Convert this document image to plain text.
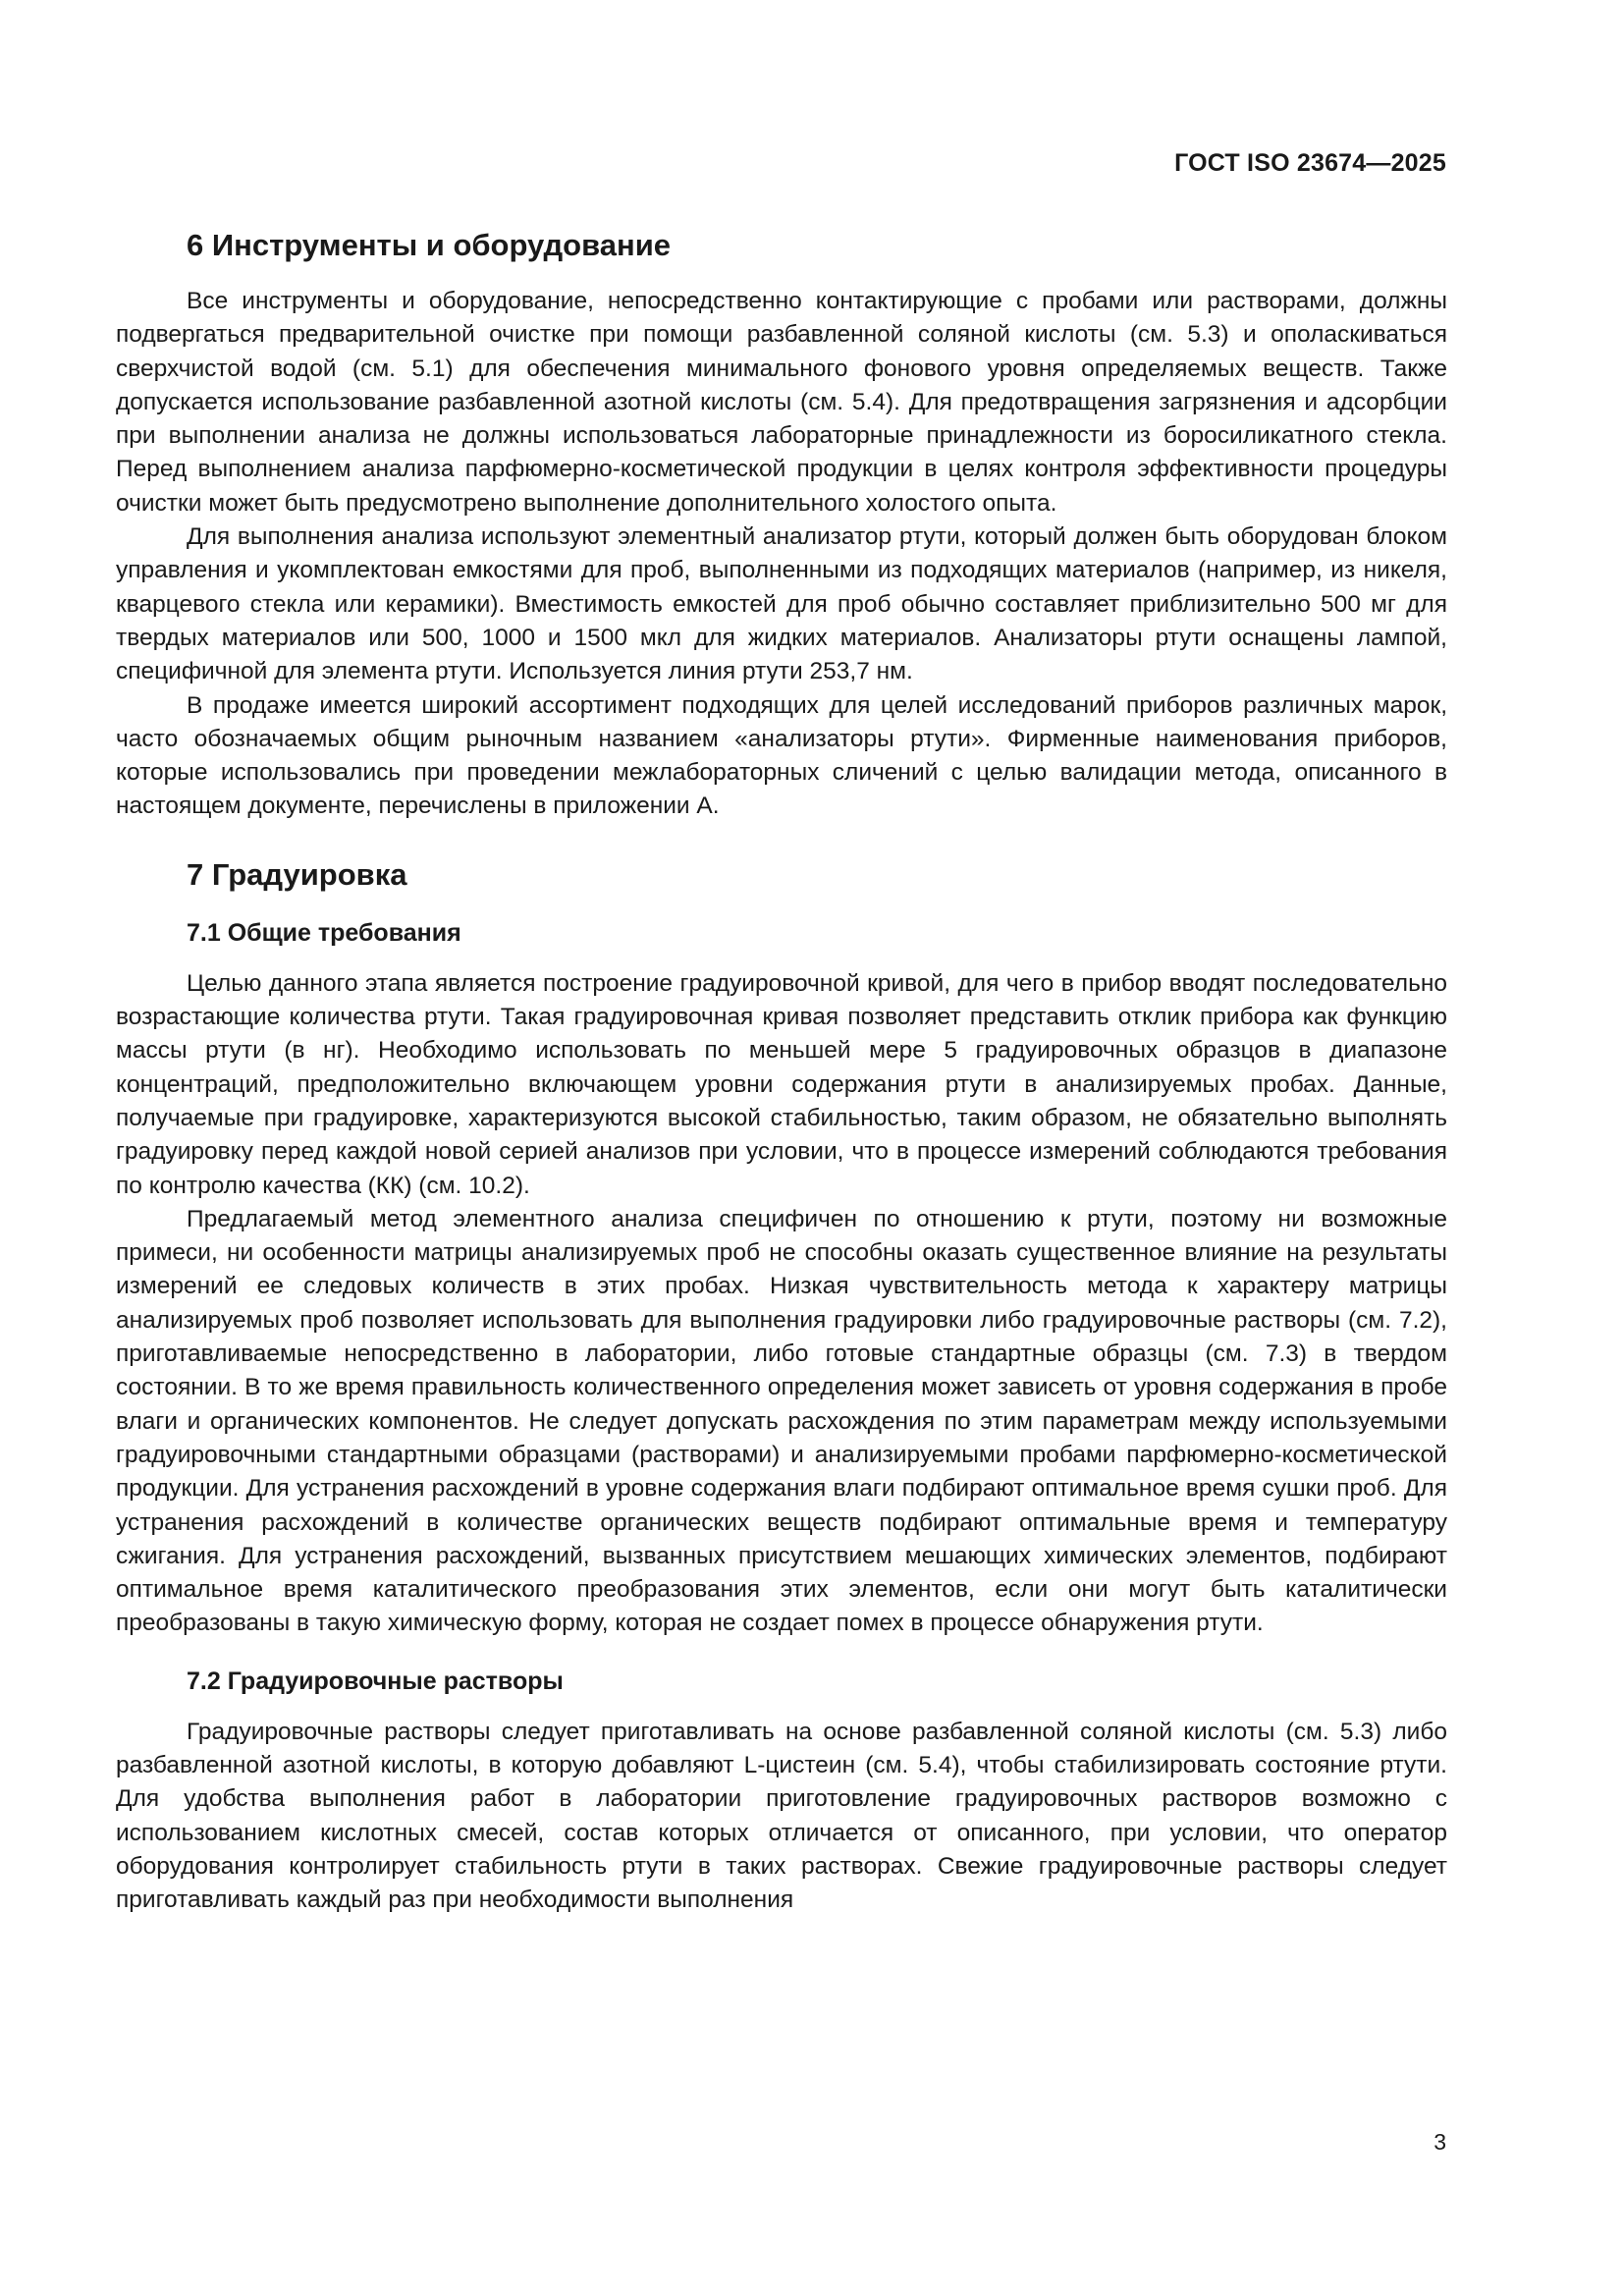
ГОСТ ISO 23674—2025
6 Инструменты и оборудование

Все инструменты и оборудование, непосредственно контактирующие с пробами или растворами, должны подвергаться предварительной очистке при помощи разбавленной соляной кислоты (см. 5.3) и ополаскиваться сверхчистой водой (см. 5.1) для обеспечения минимального фонового уровня определяемых веществ. Также допускается использование разбавленной азотной кислоты (см. 5.4). Для предотвращения загрязнения и адсорбции при выполнении анализа не должны использоваться лабораторные принадлежности из боросиликатного стекла. Перед выполнением анализа парфюмерно-косметической продукции в целях контроля эффективности процедуры очистки может быть предусмотрено выполнение дополнительного холостого опыта.

Для выполнения анализа используют элементный анализатор ртути, который должен быть оборудован блоком управления и укомплектован емкостями для проб, выполненными из подходящих материалов (например, из никеля, кварцевого стекла или керамики). Вместимость емкостей для проб обычно составляет приблизительно 500 мг для твердых материалов или 500, 1000 и 1500 мкл для жидких материалов. Анализаторы ртути оснащены лампой, специфичной для элемента ртути. Используется линия ртути 253,7 нм.

В продаже имеется широкий ассортимент подходящих для целей исследований приборов различных марок, часто обозначаемых общим рыночным названием «анализаторы ртути». Фирменные наименования приборов, которые использовались при проведении межлабораторных сличений с целью валидации метода, описанного в настоящем документе, перечислены в приложении А.

7 Градуировка
7.1 Общие требования

Целью данного этапа является построение градуировочной кривой, для чего в прибор вводят последовательно возрастающие количества ртути. Такая градуировочная кривая позволяет представить отклик прибора как функцию массы ртути (в нг). Необходимо использовать по меньшей мере 5 градуировочных образцов в диапазоне концентраций, предположительно включающем уровни содержания ртути в анализируемых пробах. Данные, получаемые при градуировке, характеризуются высокой стабильностью, таким образом, не обязательно выполнять градуировку перед каждой новой серией анализов при условии, что в процессе измерений соблюдаются требования по контролю качества (КК) (см. 10.2).

Предлагаемый метод элементного анализа специфичен по отношению к ртути, поэтому ни возможные примеси, ни особенности матрицы анализируемых проб не способны оказать существенное влияние на результаты измерений ее следовых количеств в этих пробах. Низкая чувствительность метода к характеру матрицы анализируемых проб позволяет использовать для выполнения градуировки либо градуировочные растворы (см. 7.2), приготавливаемые непосредственно в лаборатории, либо готовые стандартные образцы (см. 7.3) в твердом состоянии. В то же время правильность количественного определения может зависеть от уровня содержания в пробе влаги и органических компонентов. Не следует допускать расхождения по этим параметрам между используемыми градуировочными стандартными образцами (растворами) и анализируемыми пробами парфюмерно-косметической продукции. Для устранения расхождений в уровне содержания влаги подбирают оптимальное время сушки проб. Для устранения расхождений в количестве органических веществ подбирают оптимальные время и температуру сжигания. Для устранения расхождений, вызванных присутствием мешающих химических элементов, подбирают оптимальное время каталитического преобразования этих элементов, если они могут быть каталитически преобразованы в такую химическую форму, которая не создает помех в процессе обнаружения ртути.

7.2 Градуировочные растворы

Градуировочные растворы следует приготавливать на основе разбавленной соляной кислоты (см. 5.3) либо разбавленной азотной кислоты, в которую добавляют L-цистеин (см. 5.4), чтобы стабилизировать состояние ртути. Для удобства выполнения работ в лаборатории приготовление градуировочных растворов возможно с использованием кислотных смесей, состав которых отличается от описанного, при условии, что оператор оборудования контролирует стабильность ртути в таких растворах. Свежие градуировочные растворы следует приготавливать каждый раз при необходимости выполнения

3
